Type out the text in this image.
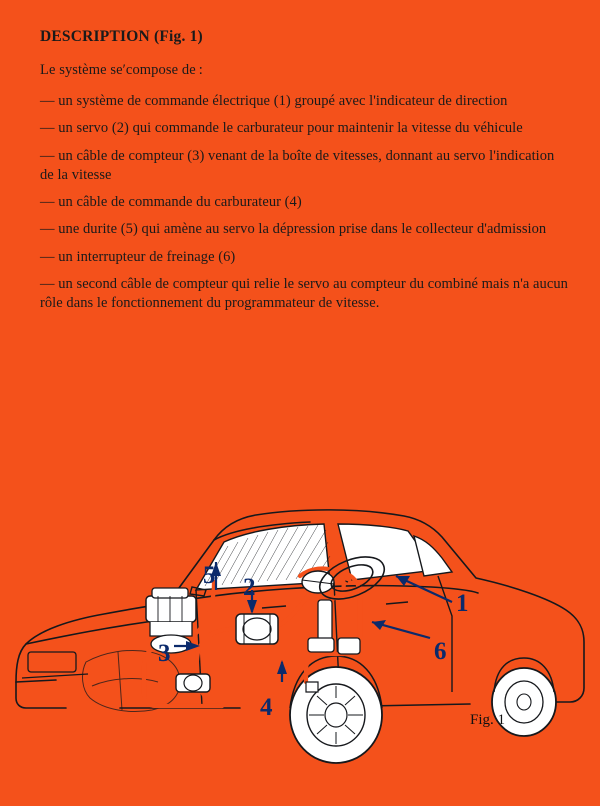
DESCRIPTION (Fig. 1)
Le système se′compose de :
— un système de commande électrique (1) groupé avec l'indicateur de direction
— un servo (2) qui commande le carburateur pour maintenir la vitesse du véhicule
— un câble de compteur (3) venant de la boîte de vitesses, donnant au servo l'indication de la vitesse
— un câble de commande du carburateur (4)
— une durite (5) qui amène au servo la dépression prise dans le collecteur d'admission
— un interrupteur de freinage (6)
— un second câble de compteur qui relie le servo au compteur du combiné mais n'a aucun rôle dans le fonctionnement du programmateur de vitesse.
Fig. 1
5 2
1
3	6
4
